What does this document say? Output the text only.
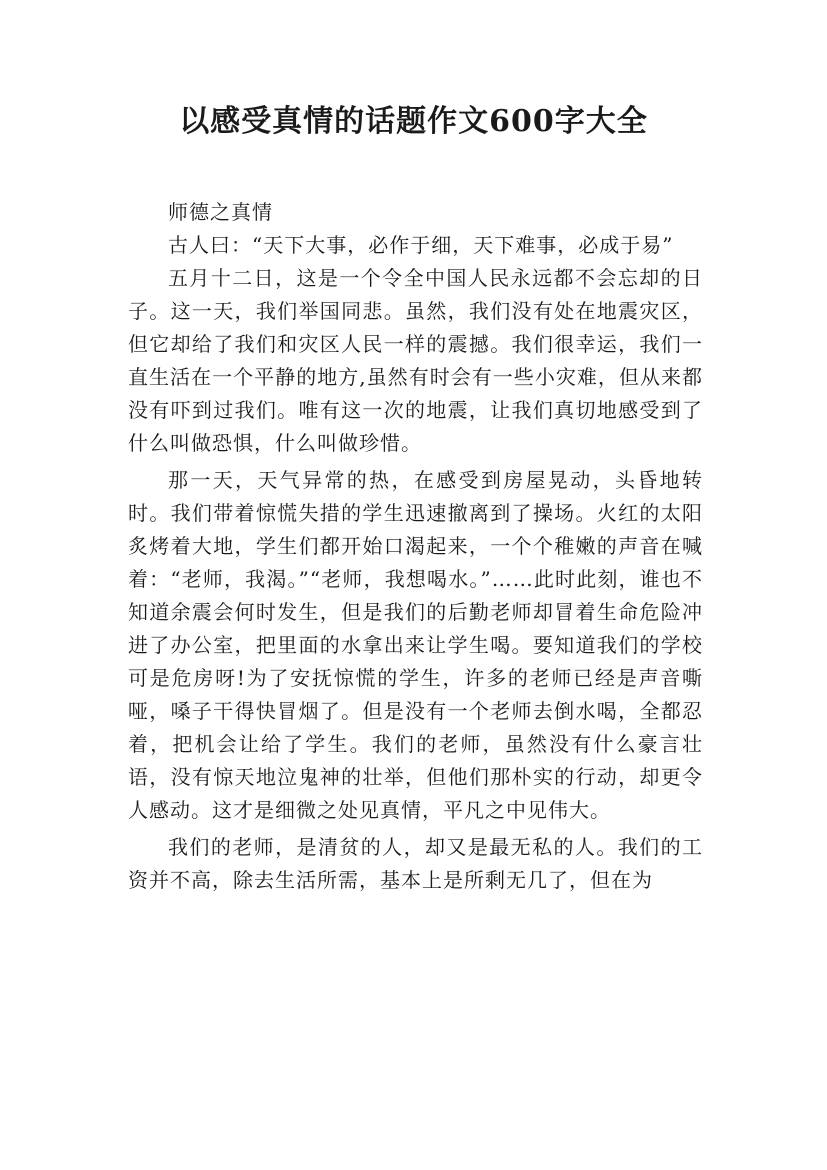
以感受真情的话题作文600字大全

师德之真情

古人曰：“天下大事，必作于细，天下难事，必成于易”

五月十二日，这是一个令全中国人民永远都不会忘却的日子。这一天，我们举国同悲。虽然，我们没有处在地震灾区，但它却给了我们和灾区人民一样的震撼。我们很幸运，我们一直生活在一个平静的地方,虽然有时会有一些小灾难，但从来都没有吓到过我们。唯有这一次的地震，让我们真切地感受到了什么叫做恐惧，什么叫做珍惜。

那一天，天气异常的热，在感受到房屋晃动，头昏地转时。我们带着惊慌失措的学生迅速撤离到了操场。火红的太阳炙烤着大地，学生们都开始口渴起来，一个个稚嫩的声音在喊着：“老师，我渴。”“老师，我想喝水。”……此时此刻，谁也不知道余震会何时发生，但是我们的后勤老师却冒着生命危险冲进了办公室，把里面的水拿出来让学生喝。要知道我们的学校可是危房呀!为了安抚惊慌的学生，许多的老师已经是声音嘶哑，嗓子干得快冒烟了。但是没有一个老师去倒水喝，全都忍着，把机会让给了学生。我们的老师，虽然没有什么豪言壮语，没有惊天地泣鬼神的壮举，但他们那朴实的行动，却更令人感动。这才是细微之处见真情，平凡之中见伟大。

我们的老师，是清贫的人，却又是最无私的人。我们的工资并不高，除去生活所需，基本上是所剩无几了，但在为
